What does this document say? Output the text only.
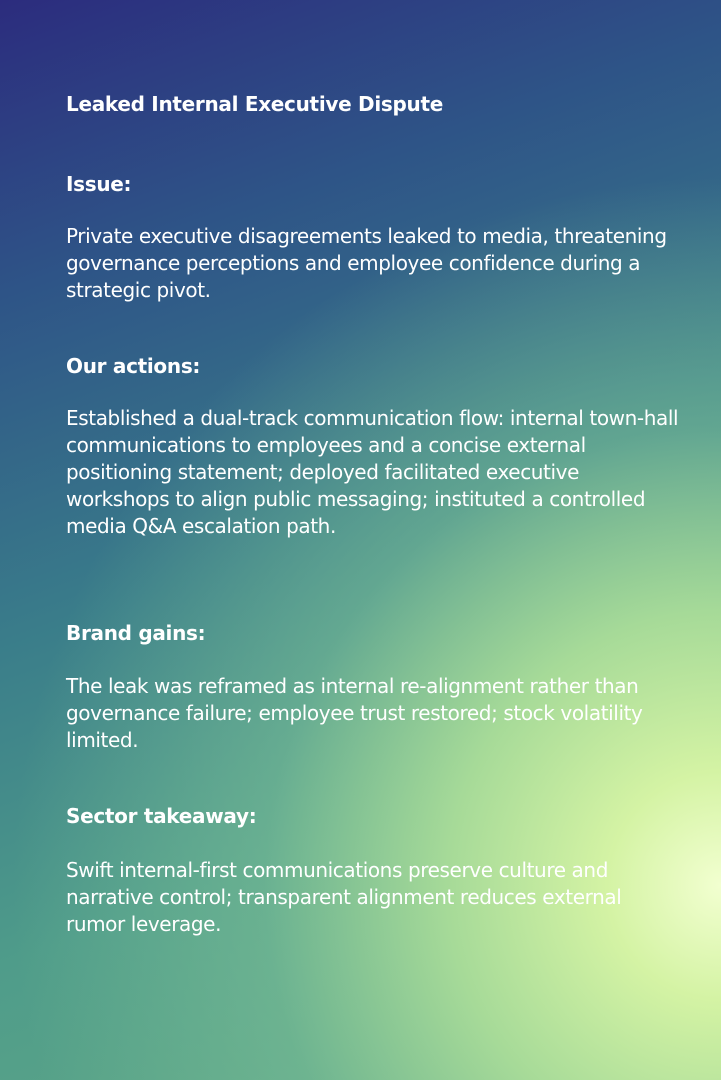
Leaked Internal Executive Dispute
Issue:

Private executive disagreements leaked to media, threatening governance perceptions and employee confidence during a strategic pivot.

Our actions:

Established a dual-track communication flow: internal town-hall communications to employees and a concise external positioning statement; deployed facilitated executive workshops to align public messaging; instituted a controlled media Q&A escalation path.

Brand gains:

The leak was reframed as internal re-alignment rather than governance failure; employee trust restored; stock volatility limited.

Sector takeaway:

Swift internal-first communications preserve culture and narrative control; transparent alignment reduces external rumor leverage.
